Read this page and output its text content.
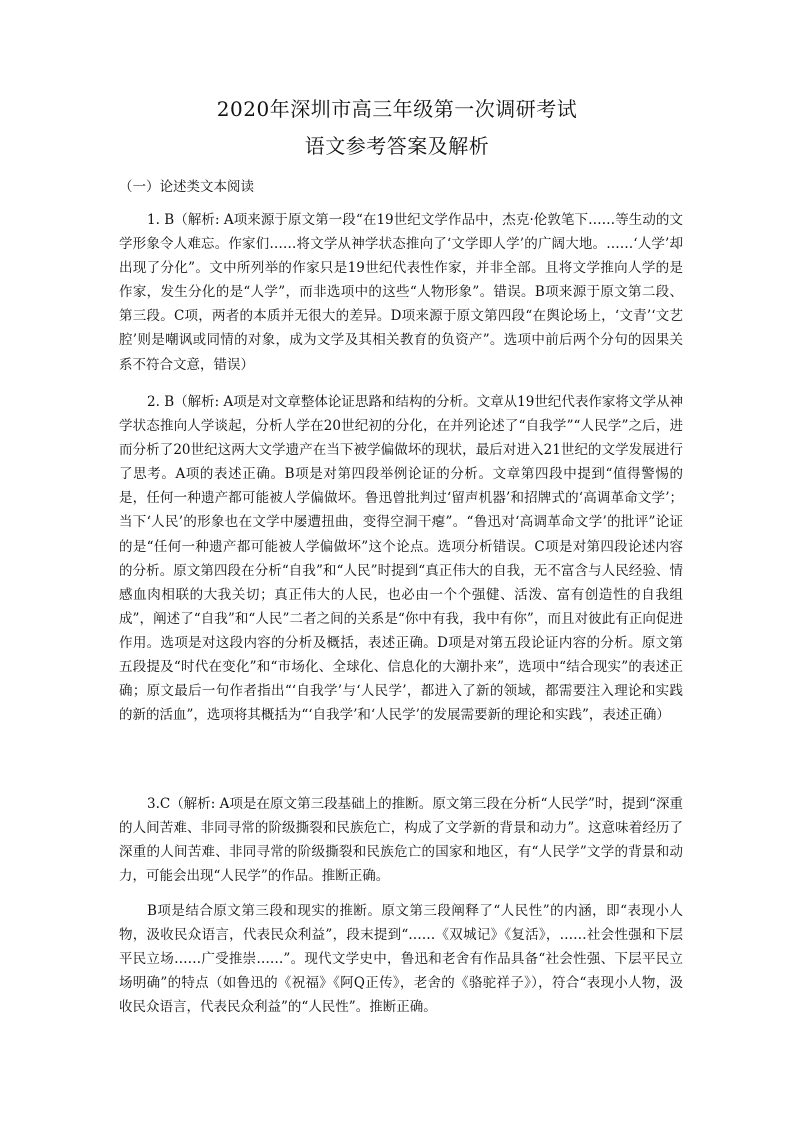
2020年深圳市高三年级第一次调研考试
语文参考答案及解析
（一）论述类文本阅读
1. B（解析: A项来源于原文第一段“在19世纪文学作品中，杰克·伦敦笔下……等生动的文学形象令人难忘。作家们……将文学从神学状态推向了‘文学即人学’的广阔大地。……‘人学’却出现了分化”。文中所列举的作家只是19世纪代表性作家，并非全部。且将文学推向人学的是作家，发生分化的是“人学”，而非选项中的这些“人物形象”。错误。B项来源于原文第二段、第三段。C项，两者的本质并无很大的差异。D项来源于原文第四段“在舆论场上，‘文青’‘文艺腔’则是嘲讽或同情的对象，成为文学及其相关教育的负资产”。选项中前后两个分句的因果关系不符合文意，错误）
2. B（解析: A项是对文章整体论证思路和结构的分析。文章从19世纪代表作家将文学从神学状态推向人学谈起，分析人学在20世纪初的分化，在并列论述了“自我学”“人民学”之后，进而分析了20世纪这两大文学遗产在当下被学偏做坏的现状，最后对进入21世纪的文学发展进行了思考。A项的表述正确。B项是对第四段举例论证的分析。文章第四段中提到“值得警惕的是，任何一种遗产都可能被人学偏做坏。鲁迅曾批判过‘留声机器’和招牌式的‘高调革命文学’；当下‘人民’的形象也在文学中屡遭扭曲，变得空洞干瘪”。“鲁迅对‘高调革命文学’的批评”论证的是“任何一种遗产都可能被人学偏做坏”这个论点。选项分析错误。C项是对第四段论述内容的分析。原文第四段在分析“自我”和“人民”时提到“真正伟大的自我，无不富含与人民经验、情感血肉相联的大我关切；真正伟大的人民，也必由一个个强健、活泼、富有创造性的自我组成”，阐述了“自我”和“人民”二者之间的关系是“你中有我，我中有你”，而且对彼此有正向促进作用。选项是对这段内容的分析及概括，表述正确。D项是对第五段论证内容的分析。原文第五段提及“时代在变化”和“市场化、全球化、信息化的大潮扑来”，选项中“结合现实”的表述正确；原文最后一句作者指出“‘自我学’与‘人民学’，都进入了新的领域，都需要注入理论和实践的新的活血”，选项将其概括为“‘自我学’和‘人民学’的发展需要新的理论和实践”，表述正确）
3.C（解析: A项是在原文第三段基础上的推断。原文第三段在分析“人民学”时，提到“深重的人间苦难、非同寻常的阶级撕裂和民族危亡，构成了文学新的背景和动力”。这意味着经历了深重的人间苦难、非同寻常的阶级撕裂和民族危亡的国家和地区，有“人民学”文学的背景和动力，可能会出现“人民学”的作品。推断正确。
B项是结合原文第三段和现实的推断。原文第三段阐释了“人民性”的内涵，即“表现小人物，汲收民众语言，代表民众利益”，段末提到“……《双城记》《复活》，……社会性强和下层平民立场……广受推崇……”。现代文学史中，鲁迅和老舍有作品具备“社会性强、下层平民立场明确”的特点（如鲁迅的《祝福》《阿Q正传》，老舍的《骆驼祥子》），符合“表现小人物，汲收民众语言，代表民众利益”的“人民性”。推断正确。
